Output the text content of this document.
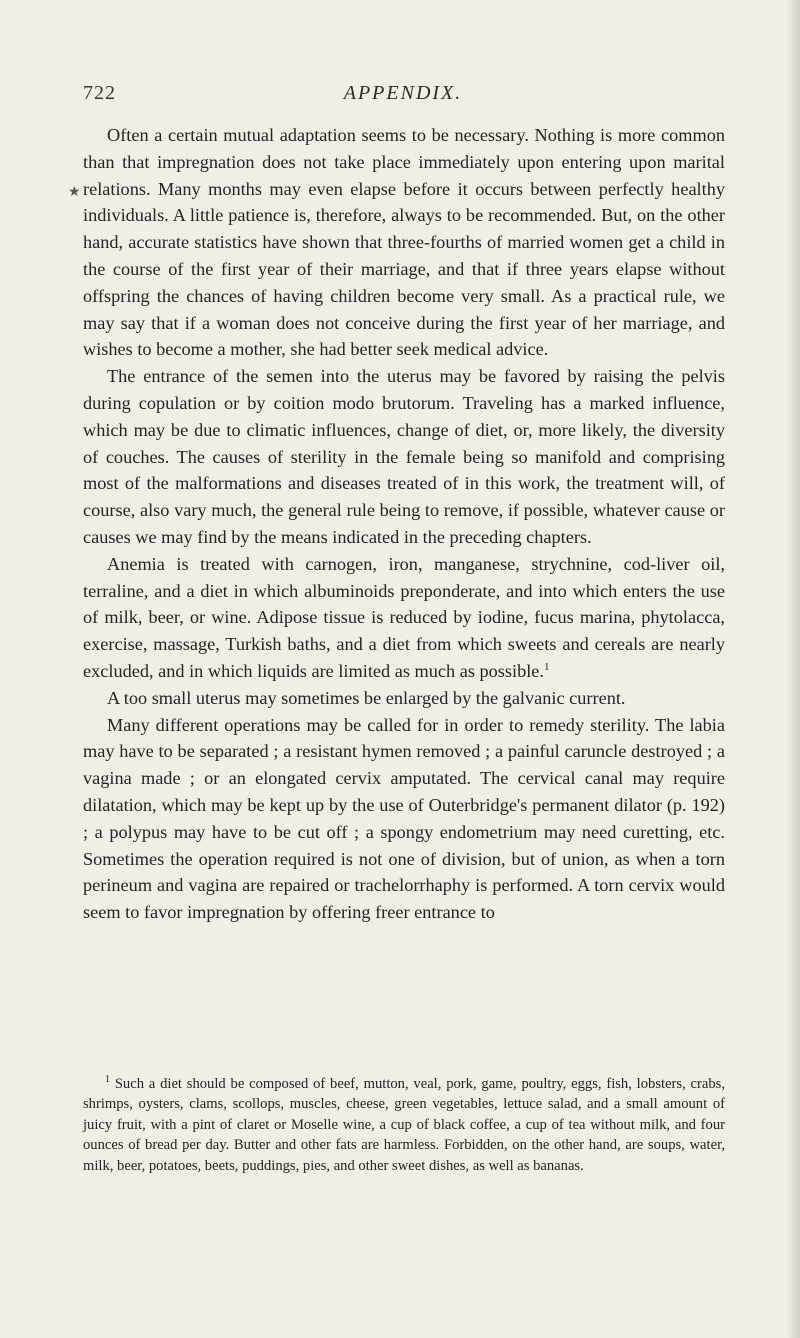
722	APPENDIX.
★

Often a certain mutual adaptation seems to be necessary. Nothing is more common than that impregnation does not take place immediately upon entering upon marital relations. Many months may even elapse before it occurs between perfectly healthy individuals. A little patience is, therefore, always to be recommended. But, on the other hand, accurate statistics have shown that three-fourths of married women get a child in the course of the first year of their marriage, and that if three years elapse without offspring the chances of having children become very small. As a practical rule, we may say that if a woman does not conceive during the first year of her marriage, and wishes to become a mother, she had better seek medical advice.

The entrance of the semen into the uterus may be favored by raising the pelvis during copulation or by coition modo brutorum. Traveling has a marked influence, which may be due to climatic influences, change of diet, or, more likely, the diversity of couches. The causes of sterility in the female being so manifold and comprising most of the malformations and diseases treated of in this work, the treatment will, of course, also vary much, the general rule being to remove, if possible, whatever cause or causes we may find by the means indicated in the preceding chapters.

Anemia is treated with carnogen, iron, manganese, strychnine, cod-liver oil, terraline, and a diet in which albuminoids preponderate, and into which enters the use of milk, beer, or wine. Adipose tissue is reduced by iodine, fucus marina, phytolacca, exercise, massage, Turkish baths, and a diet from which sweets and cereals are nearly excluded, and in which liquids are limited as much as possible.$^1$

A too small uterus may sometimes be enlarged by the galvanic current.

Many different operations may be called for in order to remedy sterility. The labia may have to be separated ; a resistant hymen removed ; a painful caruncle destroyed ; a vagina made ; or an elongated cervix amputated. The cervical canal may require dilatation, which may be kept up by the use of Outerbridge's permanent dilator (p. 192) ; a polypus may have to be cut off ; a spongy endometrium may need curetting, etc. Sometimes the operation required is not one of division, but of union, as when a torn perineum and vagina are repaired or trachelorrhaphy is performed. A torn cervix would seem to favor impregnation by offering freer entrance to

$^1$ Such a diet should be composed of beef, mutton, veal, pork, game, poultry, eggs, fish, lobsters, crabs, shrimps, oysters, clams, scollops, muscles, cheese, green vegetables, lettuce salad, and a small amount of juicy fruit, with a pint of claret or Moselle wine, a cup of black coffee, a cup of tea without milk, and four ounces of bread per day. Butter and other fats are harmless. Forbidden, on the other hand, are soups, water, milk, beer, potatoes, beets, puddings, pies, and other sweet dishes, as well as bananas.
